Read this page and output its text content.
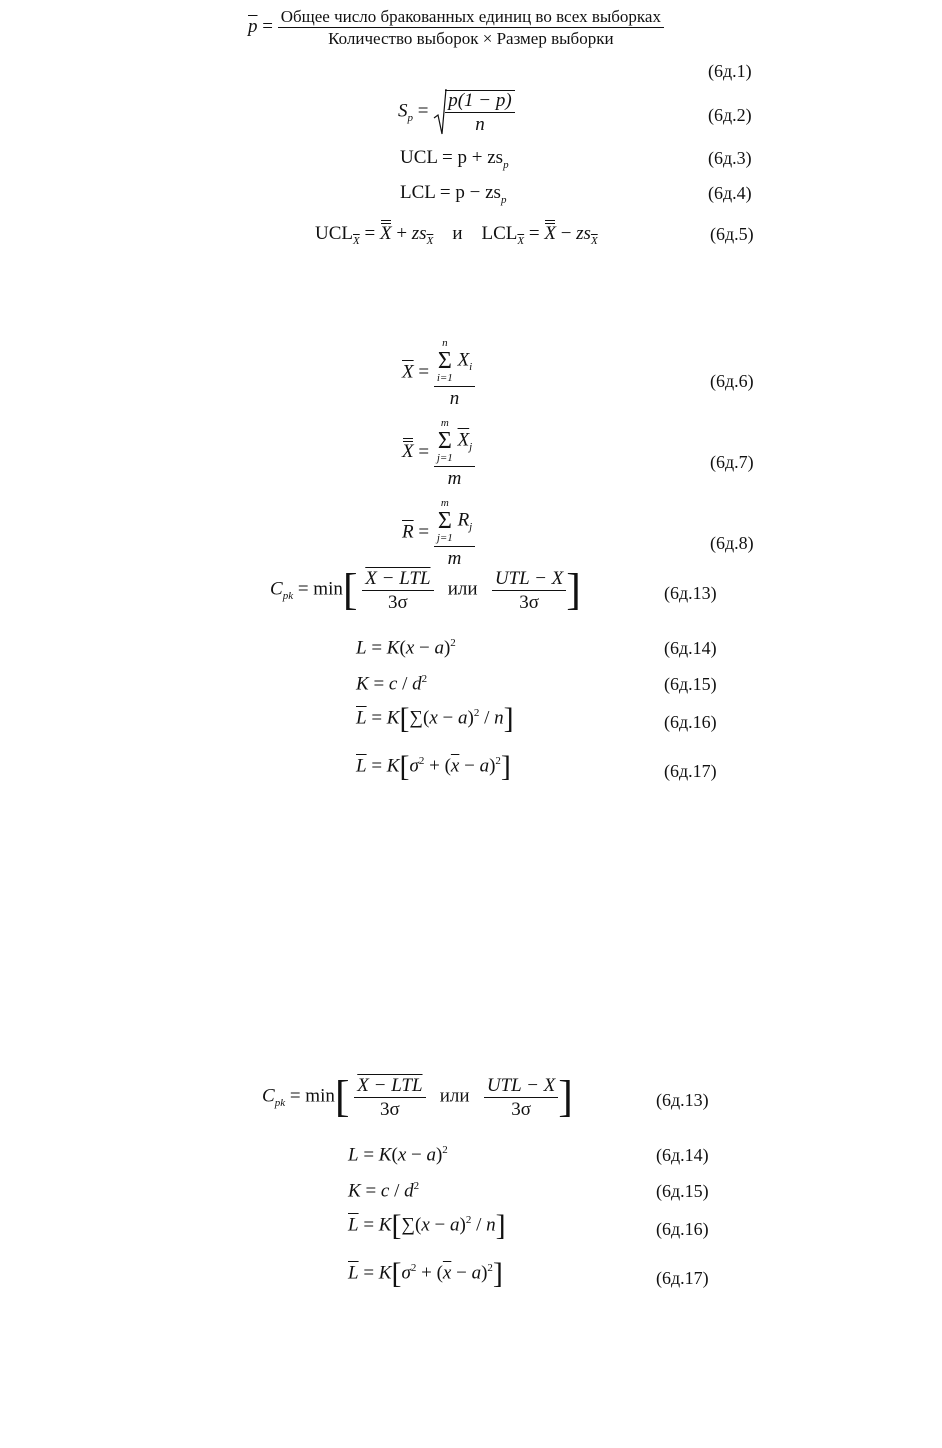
$\overline{p} = \frac{\text{Общее число бракованных единиц во всех выборках}}{\text{Количество выборок × Размер выборки}}$
(6д.1)
$S_p = \frac{p(1 - p)}{n}$	(6д.2)
UCL = $p + zs_p$	(6д.3)
LCL = $p - zs_p$	(6д.4)
$UCL_{\overline{X}} = X + zs_{\overline{X}}$ и $LCL_{\overline{X}} = X - zs_{\overline{X}}$	(6д.5)
$\overline{X} = n$
Σ
i=1 $X_i$
n	(6д.6)
X = m
Σ
j=1 $\overline{X}_j$
m	(6д.7)
$\overline{R} = m$
Σ
j=1 $R_j$
m	(6д.8)
$C_{pk} = \min[ \frac{\text{X − LTL}}{3\sigma}$ или $\frac{\text{UTL − X}}{3\sigma}$ ]	(6д.13)
$L = K(x - a)^2$	(6д.14)
$K = c / d^2$	(6д.15)
$\overline{L} = K[\sum(x - a)^2 / n]$	(6д.16)
$\overline{L} = K[\sigma^2 + (\overline{x} - a)^2]$	(6д.17)
$C_{pk} = \min[ \frac{\text{X − LTL}}{3\sigma}$ или $\frac{\text{UTL − X}}{3\sigma}$ ]	(6д.13)
$L = K(x - a)^2$	(6д.14)
$K = c / d^2$	(6д.15)
$\overline{L} = K[\sum(x - a)^2 / n]$	(6д.16)
$\overline{L} = K[\sigma^2 + (\overline{x} - a)^2]$	(6д.17)
